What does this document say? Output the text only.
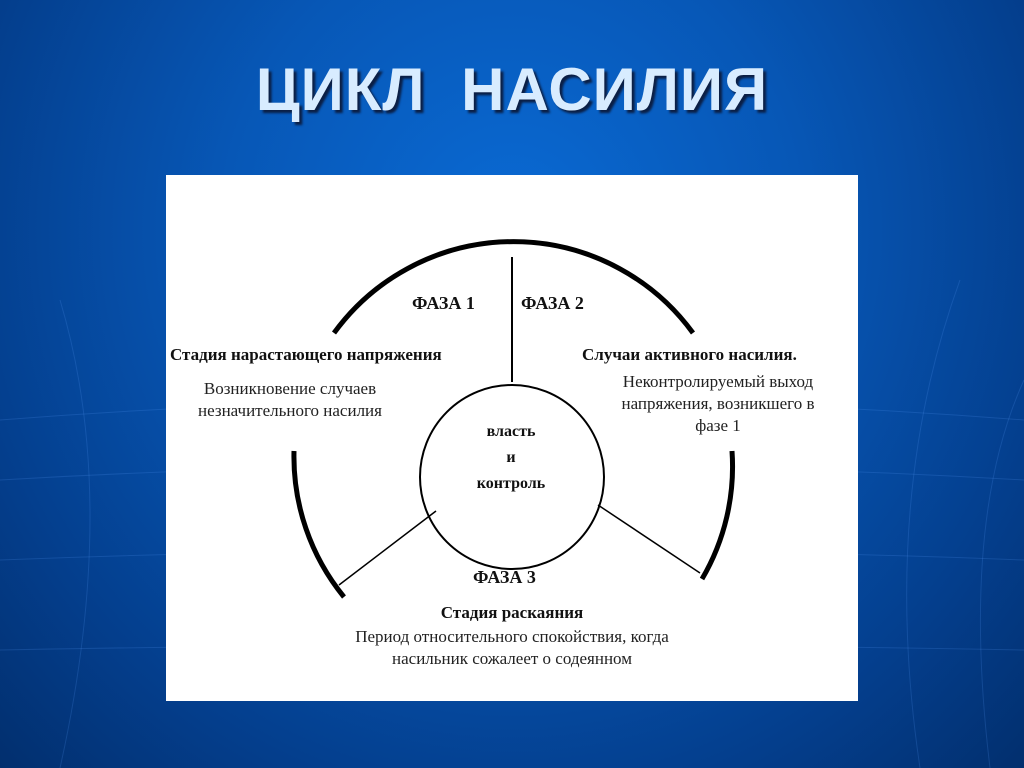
ЦИКЛ НАСИЛИЯ
власть
и
контроль
ФАЗА 1	ФАЗА 2
ФАЗА 3
Стадия нарастающего напряжения
Возникновение случаев
незначительного насилия
Случаи активного насилия.
Неконтролируемый выход
напряжения, возникшего в
фазе 1
Стадия раскаяния
Период относительного спокойствия, когда
насильник сожалеет о содеянном
